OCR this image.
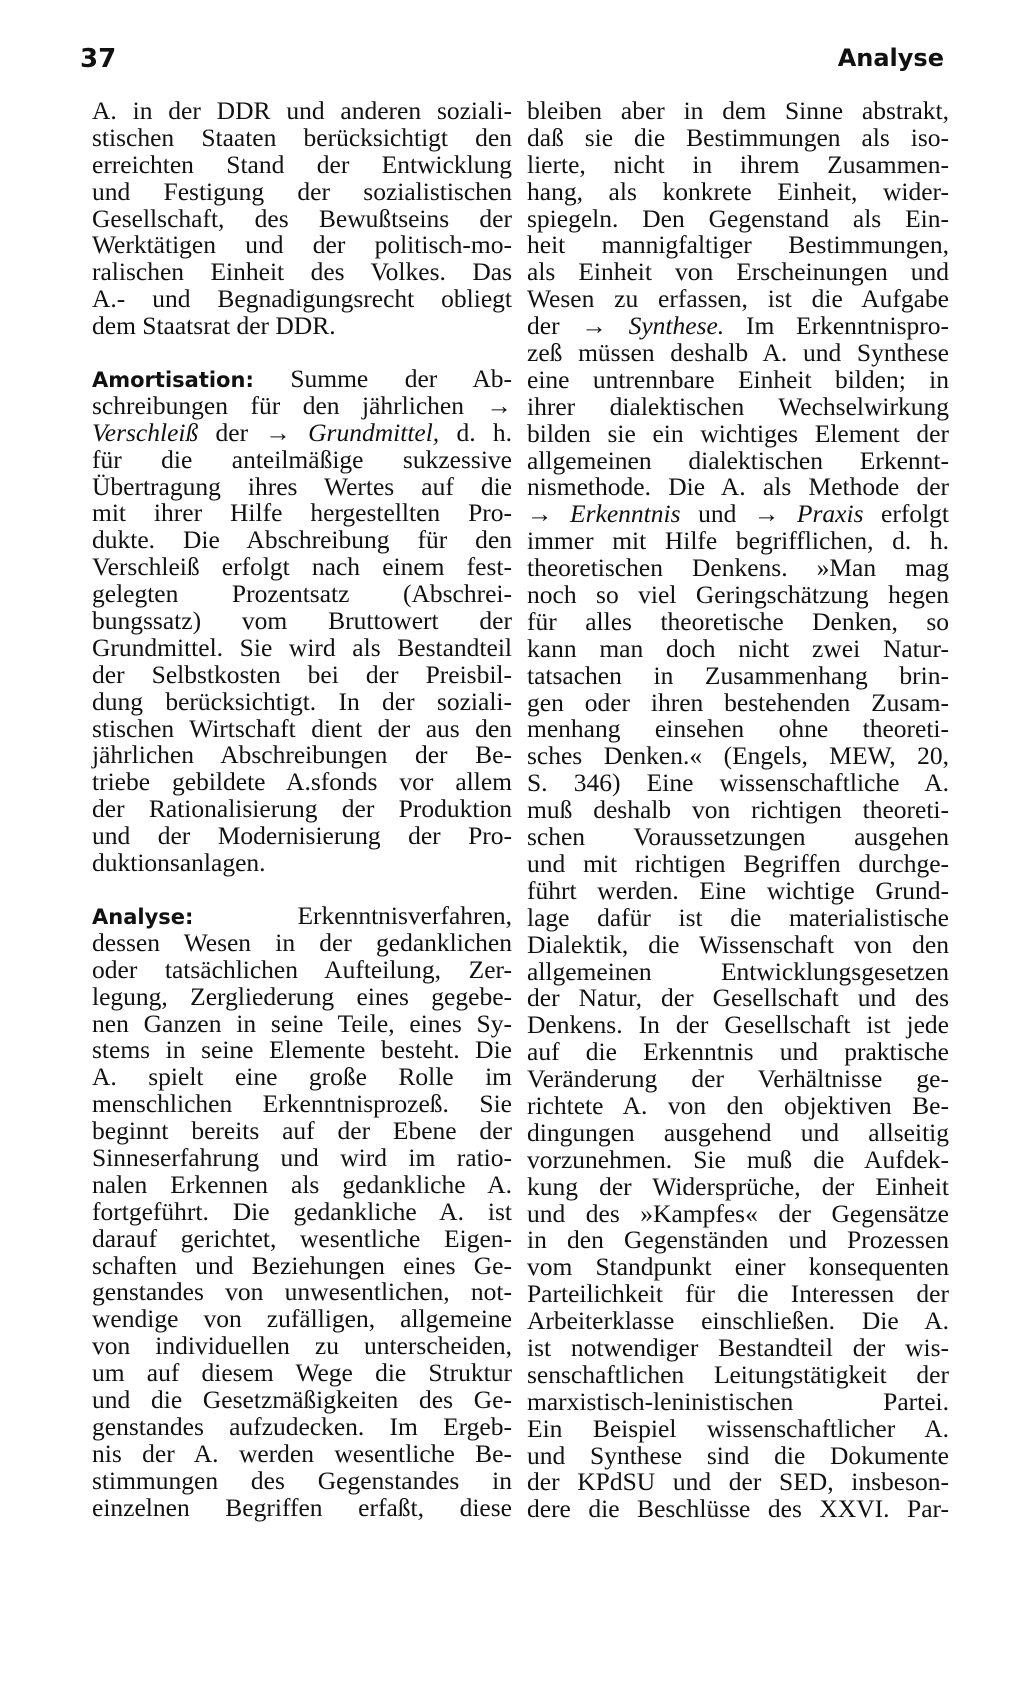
37	Analyse
A. in der DDR und anderen soziali-
stischen Staaten berücksichtigt den
erreichten Stand der Entwicklung
und Festigung der sozialistischen
Gesellschaft, des Bewußtseins der
Werktätigen und der politisch-mo-
ralischen Einheit des Volkes. Das
A.- und Begnadigungsrecht obliegt
dem Staatsrat der DDR.
Amortisation: Summe der Ab-
schreibungen für den jährlichen →
Verschleiß der → Grundmittel, d. h.
für die anteilmäßige sukzessive
Übertragung ihres Wertes auf die
mit ihrer Hilfe hergestellten Pro-
dukte. Die Abschreibung für den
Verschleiß erfolgt nach einem fest-
gelegten Prozentsatz (Abschrei-
bungssatz) vom Bruttowert der
Grundmittel. Sie wird als Bestandteil
der Selbstkosten bei der Preisbil-
dung berücksichtigt. In der soziali-
stischen Wirtschaft dient der aus den
jährlichen Abschreibungen der Be-
triebe gebildete A.sfonds vor allem
der Rationalisierung der Produktion
und der Modernisierung der Pro-
duktionsanlagen.
Analyse:	Erkenntnisverfahren,
dessen Wesen in der gedanklichen
oder tatsächlichen Aufteilung, Zer-
legung, Zergliederung eines gegebe-
nen Ganzen in seine Teile, eines Sy-
stems in seine Elemente besteht. Die
A. spielt eine große Rolle im
menschlichen Erkenntnisprozeß. Sie
beginnt bereits auf der Ebene der
Sinneserfahrung und wird im ratio-
nalen Erkennen als gedankliche A.
fortgeführt. Die gedankliche A. ist
darauf gerichtet, wesentliche Eigen-
schaften und Beziehungen eines Ge-
genstandes von unwesentlichen, not-
wendige von zufälligen, allgemeine
von individuellen zu unterscheiden,
um auf diesem Wege die Struktur
und die Gesetzmäßigkeiten des Ge-
genstandes aufzudecken. Im Ergeb-
nis der A. werden wesentliche Be-
stimmungen des Gegenstandes in
einzelnen Begriffen erfaßt, diese
bleiben aber in dem Sinne abstrakt,
daß sie die Bestimmungen als iso-
lierte, nicht in ihrem Zusammen-
hang, als konkrete Einheit, wider-
spiegeln. Den Gegenstand als Ein-
heit mannigfaltiger Bestimmungen,
als Einheit von Erscheinungen und
Wesen zu erfassen, ist die Aufgabe
der → Synthese. Im Erkenntnispro-
zeß müssen deshalb A. und Synthese
eine untrennbare Einheit bilden; in
ihrer dialektischen Wechselwirkung
bilden sie ein wichtiges Element der
allgemeinen dialektischen Erkennt-
nismethode. Die A. als Methode der
→ Erkenntnis und → Praxis erfolgt
immer mit Hilfe begrifflichen, d. h.
theoretischen Denkens. »Man mag
noch so viel Geringschätzung hegen
für alles theoretische Denken, so
kann man doch nicht zwei Natur-
tatsachen in Zusammenhang brin-
gen oder ihren bestehenden Zusam-
menhang einsehen ohne theoreti-
sches Denken.« (Engels, MEW, 20,
S. 346) Eine wissenschaftliche A.
muß deshalb von richtigen theoreti-
schen Voraussetzungen ausgehen
und mit richtigen Begriffen durchge-
führt werden. Eine wichtige Grund-
lage dafür ist die materialistische
Dialektik, die Wissenschaft von den
allgemeinen Entwicklungsgesetzen
der Natur, der Gesellschaft und des
Denkens. In der Gesellschaft ist jede
auf die Erkenntnis und praktische
Veränderung der Verhältnisse ge-
richtete A. von den objektiven Be-
dingungen ausgehend und allseitig
vorzunehmen. Sie muß die Aufdek-
kung der Widersprüche, der Einheit
und des »Kampfes« der Gegensätze
in den Gegenständen und Prozessen
vom Standpunkt einer konsequenten
Parteilichkeit für die Interessen der
Arbeiterklasse einschließen. Die A.
ist notwendiger Bestandteil der wis-
senschaftlichen Leitungstätigkeit der
marxistisch-leninistischen Partei.
Ein Beispiel wissenschaftlicher A.
und Synthese sind die Dokumente
der KPdSU und der SED, insbeson-
dere die Beschlüsse des XXVI. Par-
